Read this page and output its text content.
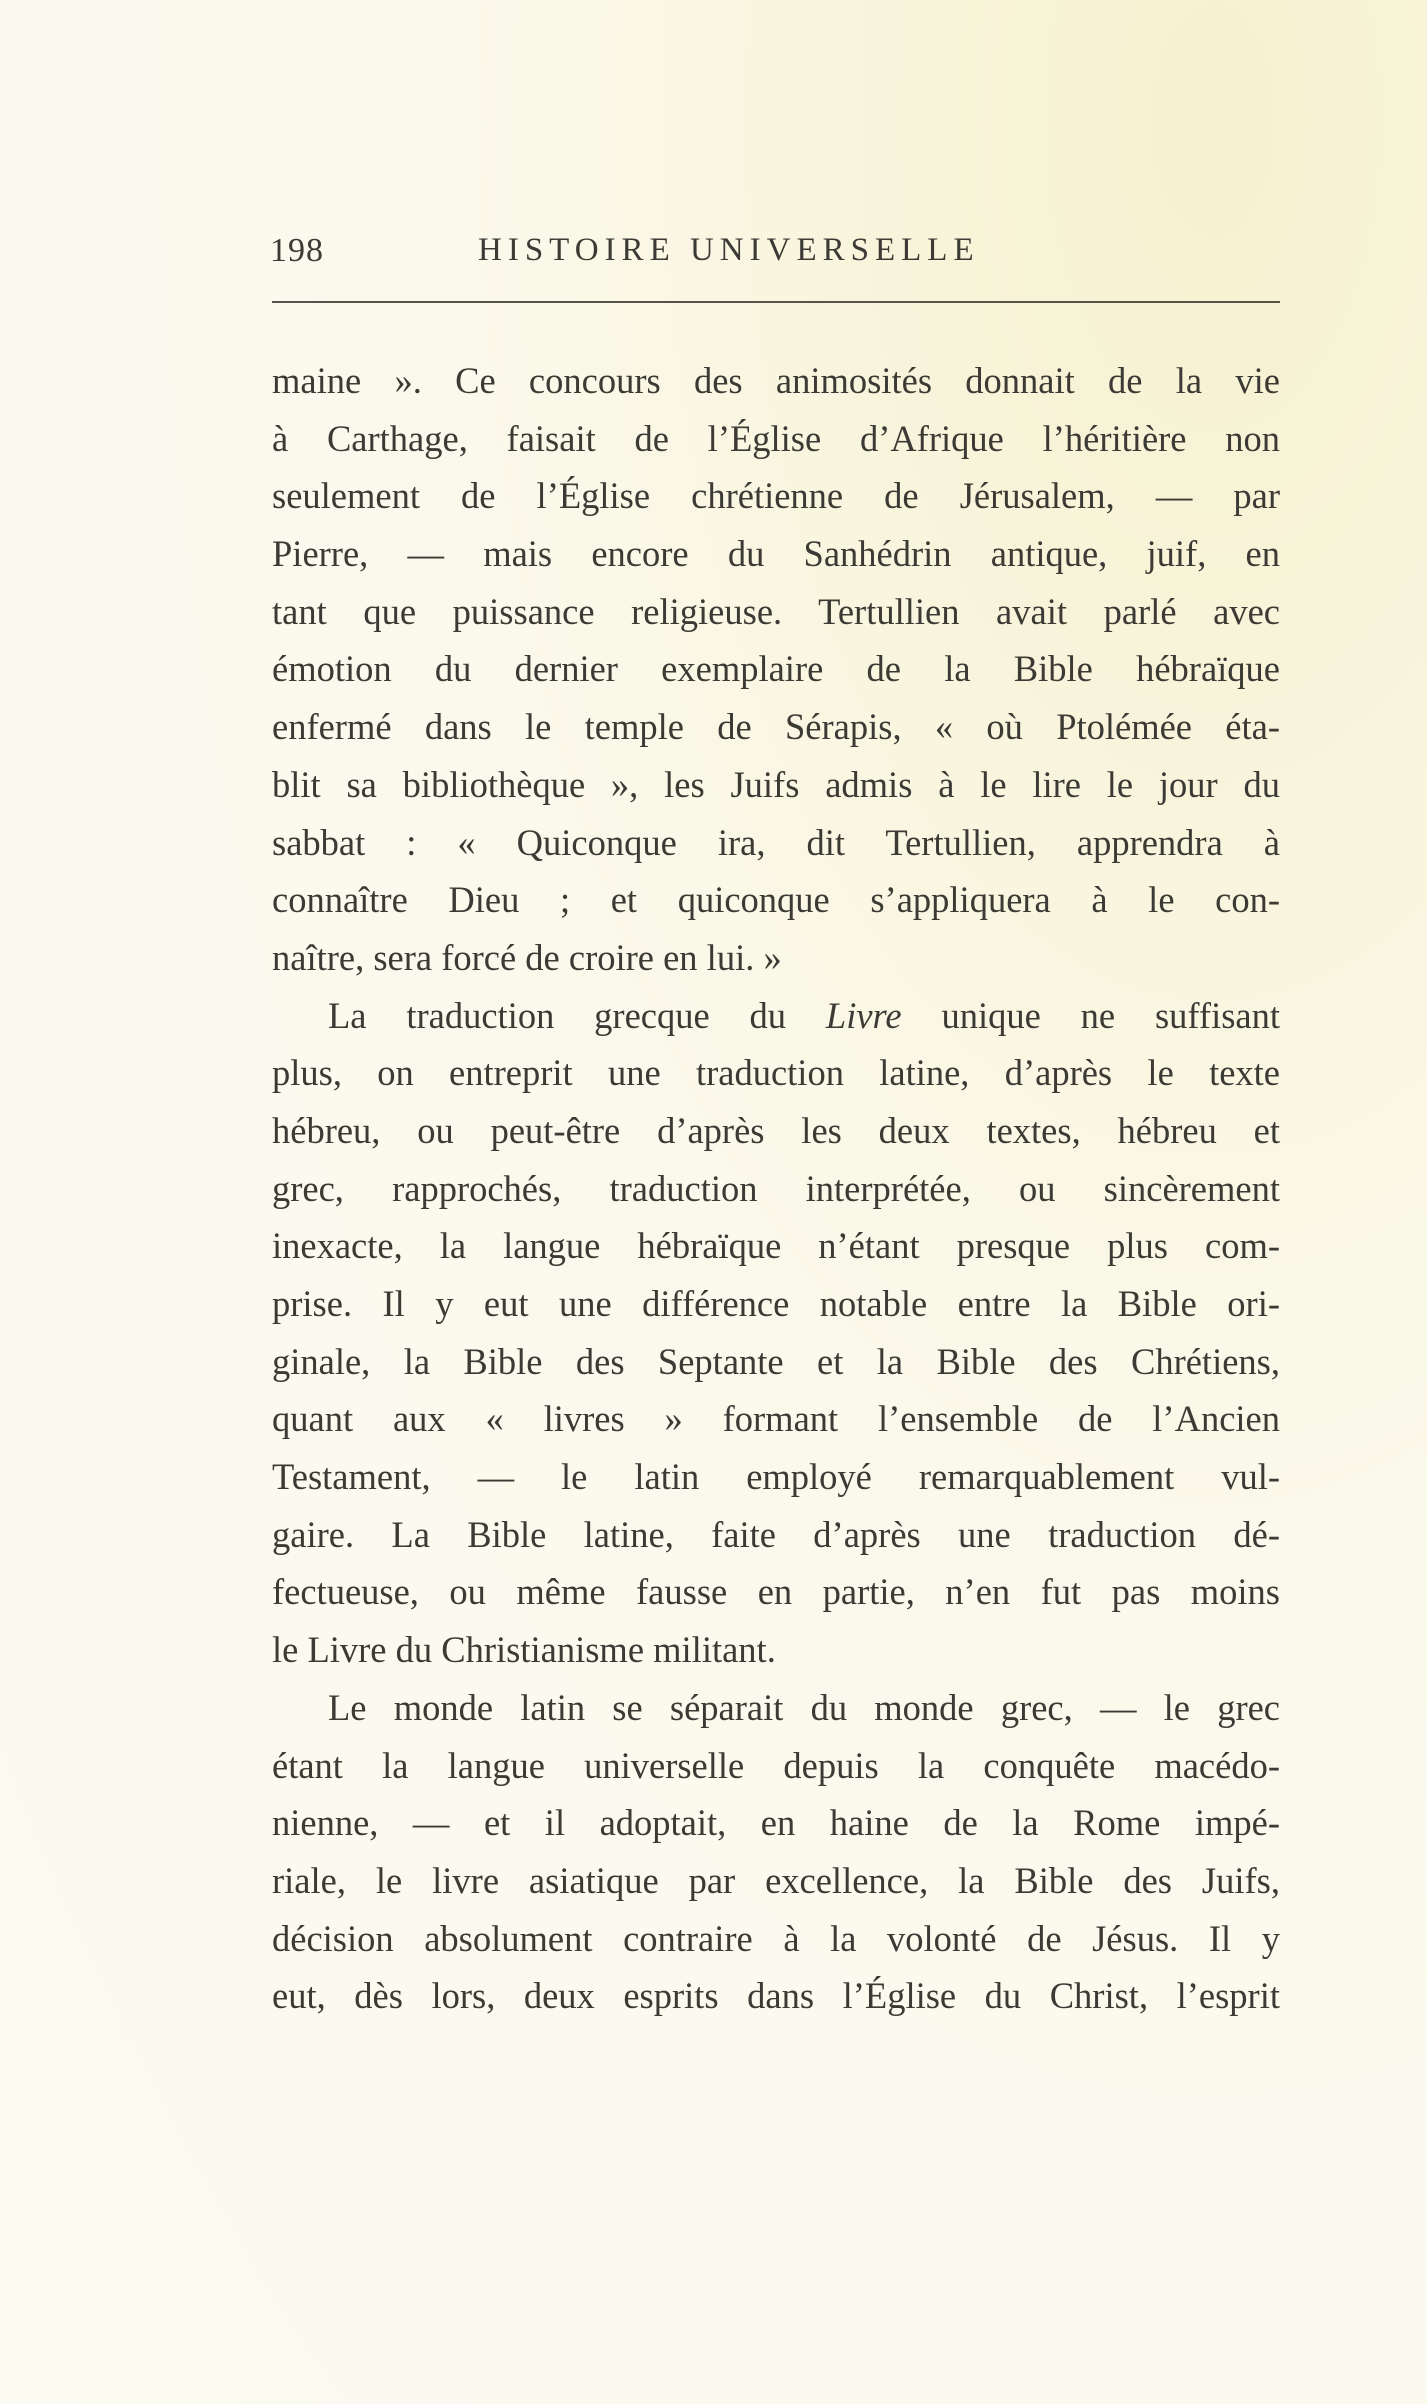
198	HISTOIRE UNIVERSELLE
maine ». Ce concours des animosités donnait de la vie
à Carthage, faisait de l’Église d’Afrique l’héritière non
seulement de l’Église chrétienne de Jérusalem, — par
Pierre, — mais encore du Sanhédrin antique, juif, en
tant que puissance religieuse. Tertullien avait parlé avec
émotion du dernier exemplaire de la Bible hébraïque
enfermé dans le temple de Sérapis, « où Ptolémée éta-
blit sa bibliothèque », les Juifs admis à le lire le jour du
sabbat : « Quiconque ira, dit Tertullien, apprendra à
connaître Dieu ; et quiconque s’appliquera à le con-
naître, sera forcé de croire en lui. »
La traduction grecque du Livre unique ne suffisant
plus, on entreprit une traduction latine, d’après le texte
hébreu, ou peut-être d’après les deux textes, hébreu et
grec, rapprochés, traduction interprétée, ou sincèrement
inexacte, la langue hébraïque n’étant presque plus com-
prise. Il y eut une différence notable entre la Bible ori-
ginale, la Bible des Septante et la Bible des Chrétiens,
quant aux « livres » formant l’ensemble de l’Ancien
Testament, — le latin employé remarquablement vul-
gaire. La Bible latine, faite d’après une traduction dé-
fectueuse, ou même fausse en partie, n’en fut pas moins
le Livre du Christianisme militant.
Le monde latin se séparait du monde grec, — le grec
étant la langue universelle depuis la conquête macédo-
nienne, — et il adoptait, en haine de la Rome impé-
riale, le livre asiatique par excellence, la Bible des Juifs,
décision absolument contraire à la volonté de Jésus. Il y
eut, dès lors, deux esprits dans l’Église du Christ, l’esprit
